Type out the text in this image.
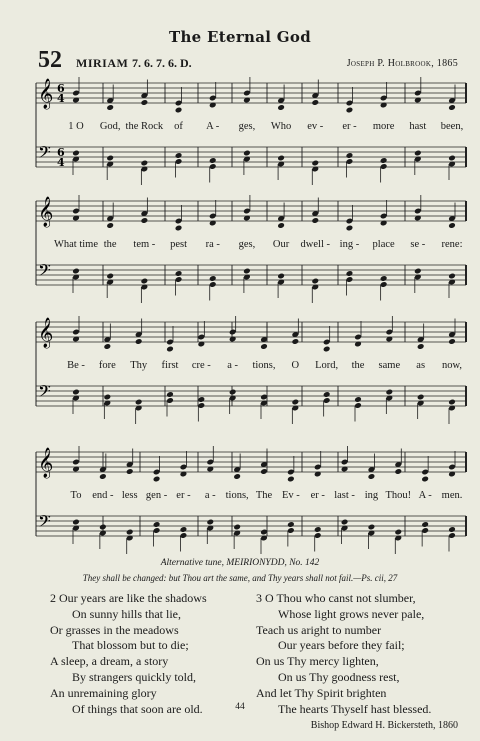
The Eternal God
52 MIRIAM 7. 6. 7. 6. D.	Joseph P. Holbrook, 1865
𝄞
𝄢
6
4
6
4
𝄞
𝄢
𝄞
𝄢
𝄞
𝄢
1 O God, the Rock of A - ges, Who ev - er - more hast been,
What time the tem - pest ra - ges, Our dwell - ing - place se - rene:
Be - fore Thy first cre - a - tions, O Lord, the same as now,
To end - less gen - er - a - tions, The Ev - er - last - ing Thou! A - men.
Alternative tune, MEIRIONYDD, No. 142
They shall be changed: but Thou art the same, and Thy years shall not fail.—Ps. cii, 27
2 Our years are like the shadows
On sunny hills that lie,
Or grasses in the meadows
That blossom but to die;
A sleep, a dream, a story
By strangers quickly told,
An unremaining glory
Of things that soon are old.
3 O Thou who canst not slumber,
Whose light grows never pale,
Teach us aright to number
Our years before they fail;
On us Thy mercy lighten,
On us Thy goodness rest,
And let Thy Spirit brighten
The hearts Thyself hast blessed.
44
Bishop Edward H. Bickersteth, 1860
